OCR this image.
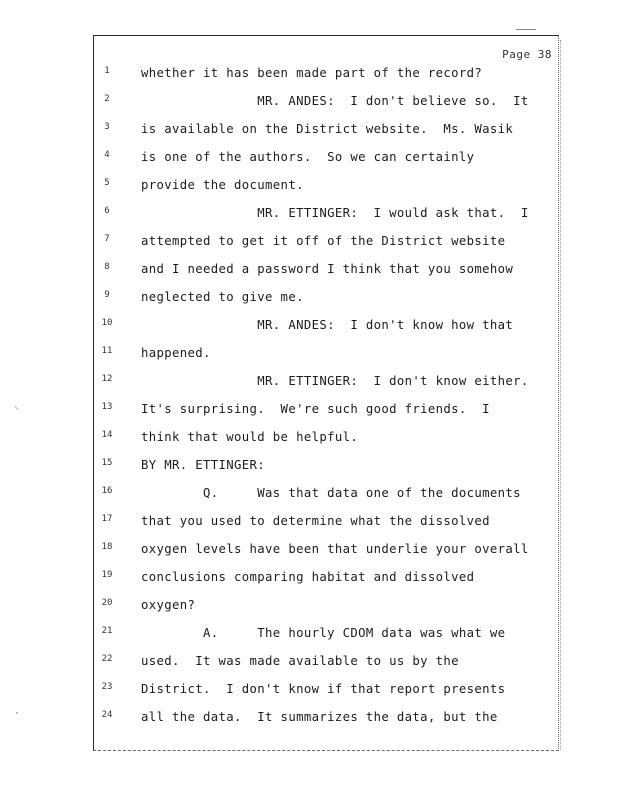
Page 38
1
2
3
4
5
6
7
8
9
10
11
12
13
14
15
16
17
18
19
20
21
22
23
24
whether it has been made part of the record?
MR. ANDES:  I don't believe so.  It
is available on the District website.  Ms. Wasik
is one of the authors.  So we can certainly
provide the document.
MR. ETTINGER:  I would ask that.  I
attempted to get it off of the District website
and I needed a password I think that you somehow
neglected to give me.
MR. ANDES:  I don't know how that
happened.
MR. ETTINGER:  I don't know either.
It's surprising.  We're such good friends.  I
think that would be helpful.
BY MR. ETTINGER:
Q.     Was that data one of the documents
that you used to determine what the dissolved
oxygen levels have been that underlie your overall
conclusions comparing habitat and dissolved
oxygen?
A.     The hourly CDOM data was what we
used.  It was made available to us by the
District.  I don't know if that report presents
all the data.  It summarizes the data, but the
⸜
·
